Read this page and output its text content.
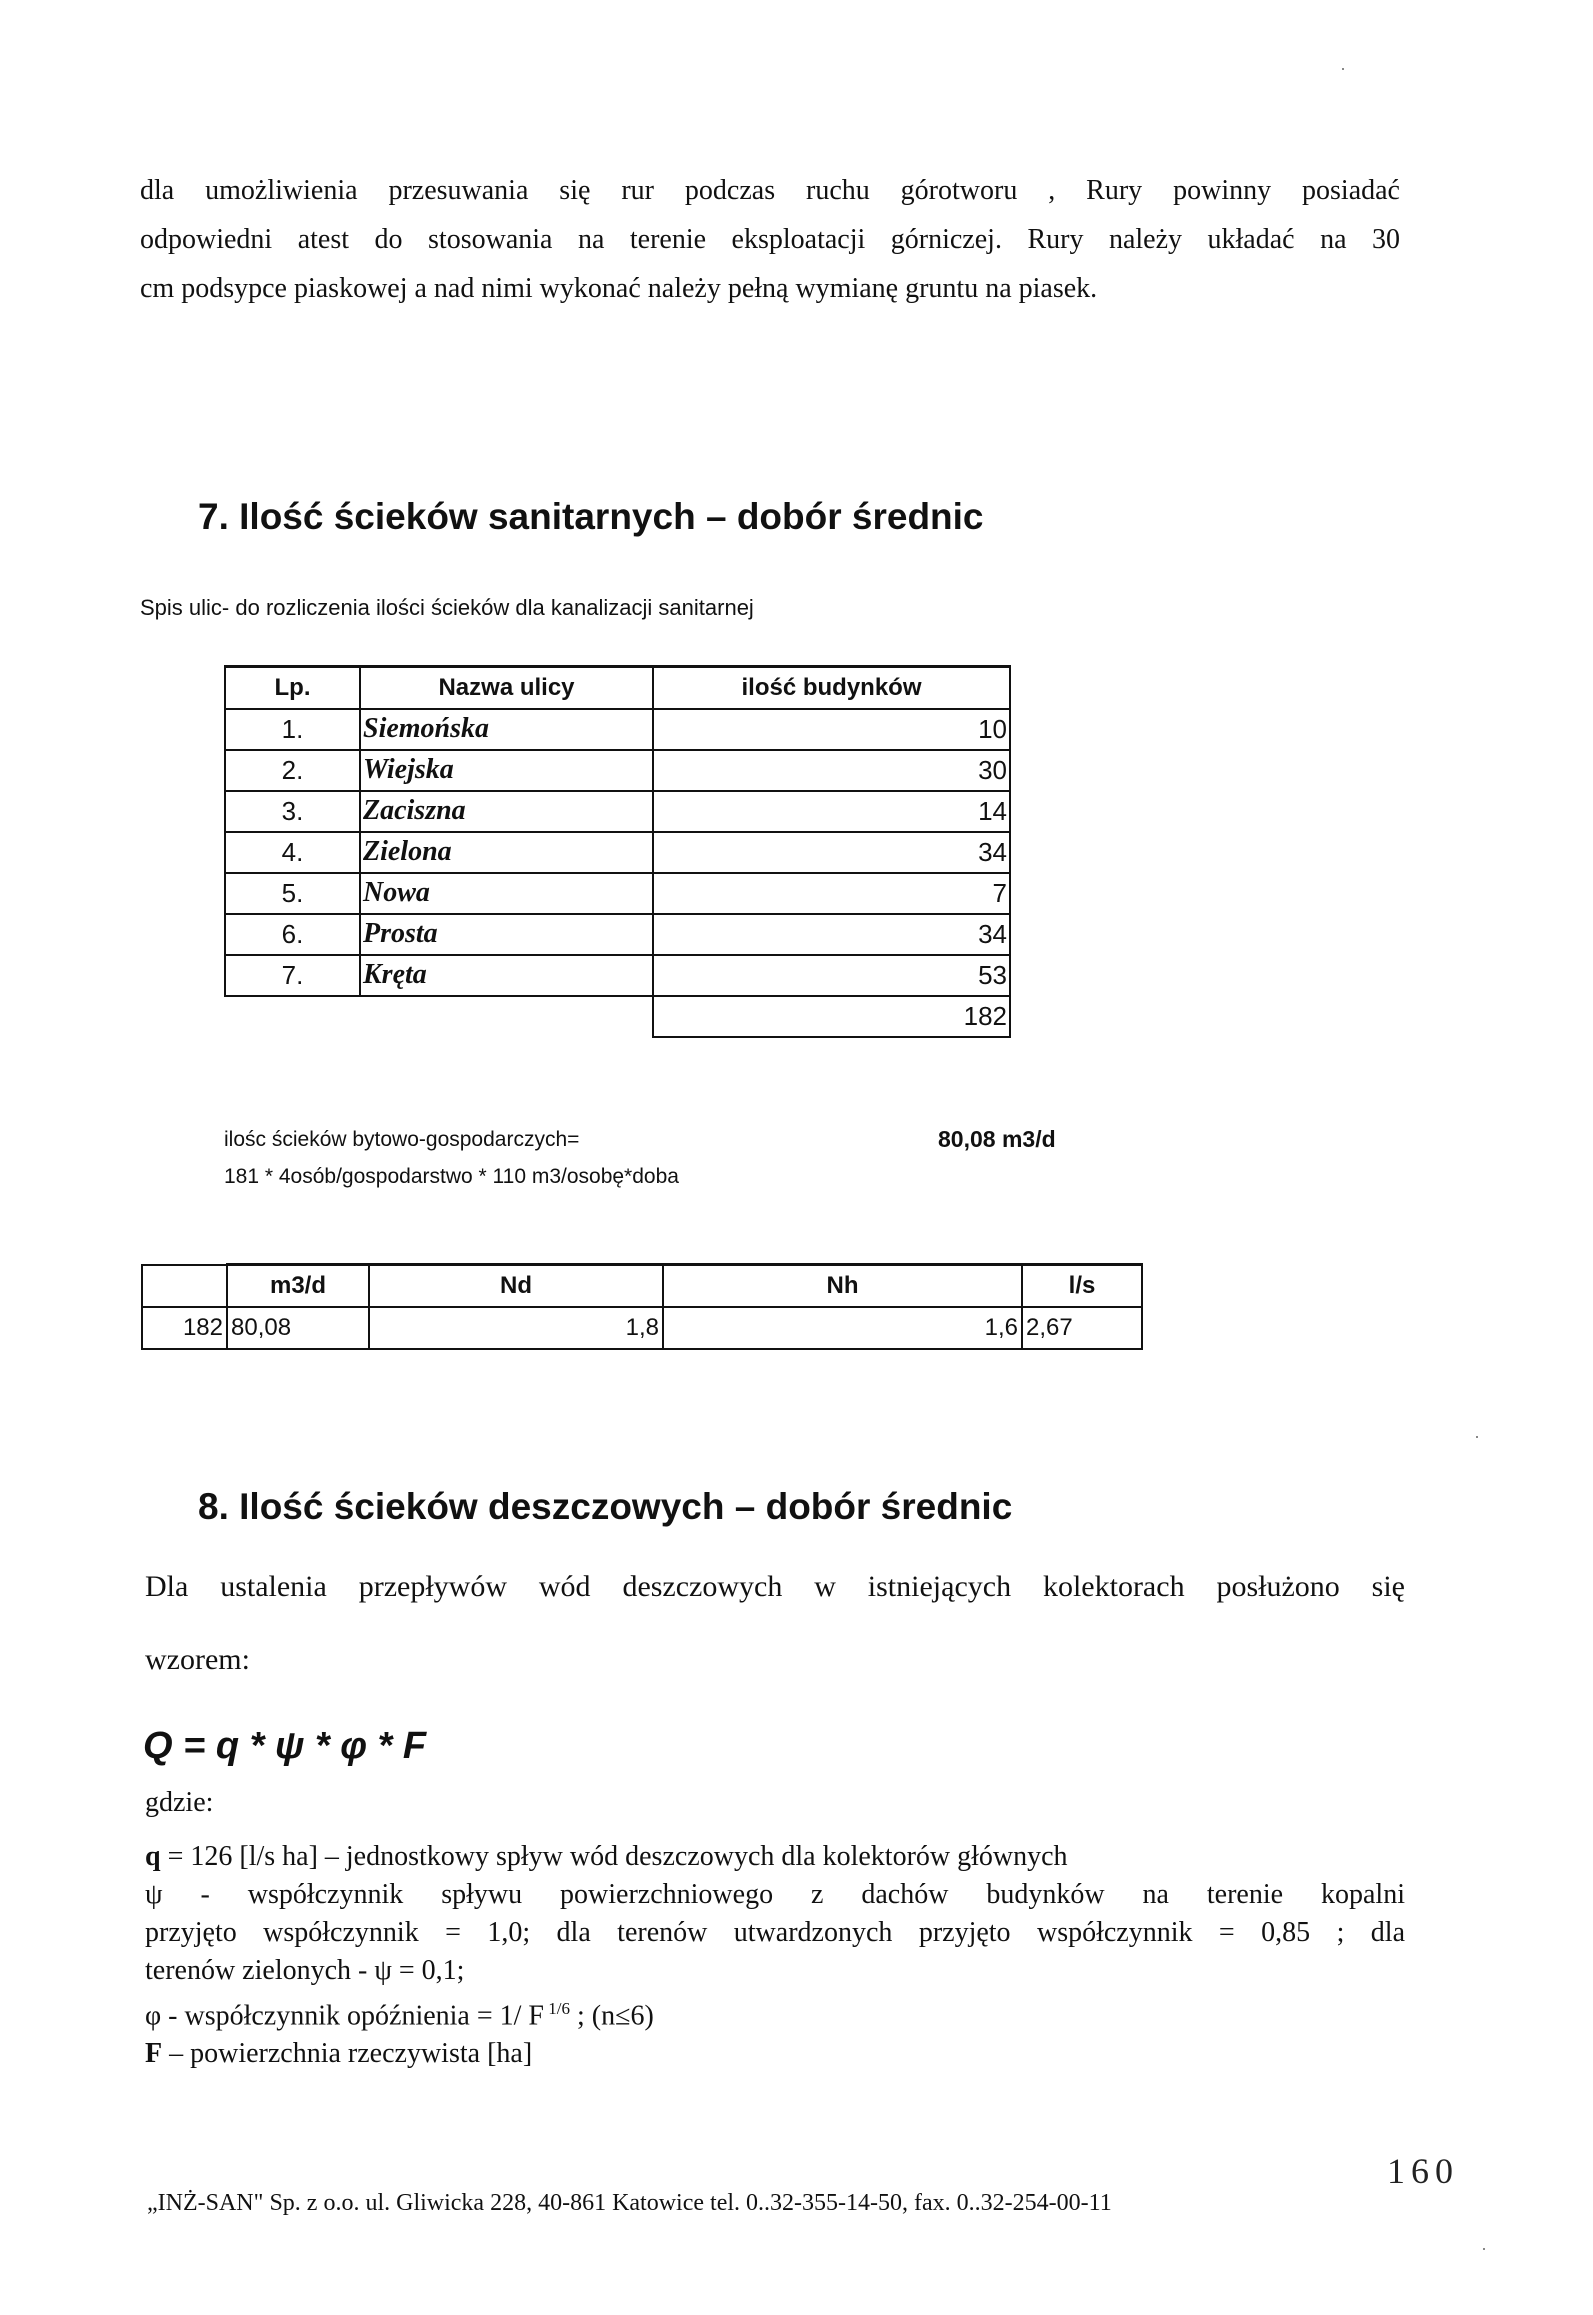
dla umożliwienia przesuwania się rur podczas ruchu górotworu , Rury powinny posiadać
odpowiedni atest do stosowania na terenie eksploatacji górniczej. Rury należy układać na 30
cm podsypce piaskowej a nad nimi wykonać należy pełną wymianę gruntu na piasek.
7. Ilość ścieków sanitarnych – dobór średnic
Spis ulic- do rozliczenia ilości ścieków dla kanalizacji sanitarnej
Lp.	Nazwa ulicy	ilość budynków
1.	Siemońska	10
2.	Wiejska	30
3.	Zaciszna	14
4.	Zielona	34
5.	Nowa	7
6.	Prosta	34
7.	Kręta	53
		182
ilośc ścieków bytowo-gospodarczych=	80,08 m3/d
181 * 4osób/gospodarstwo * 110 m3/osobę*doba
	m3/d	Nd	Nh	l/s
182	80,08	1,8	1,6	2,67
8. Ilość ścieków deszczowych – dobór średnic
Dla ustalenia przepływów wód deszczowych w istniejących kolektorach posłużono się
wzorem:
Q = q * ψ * φ * F
gdzie:
q = 126 [l/s ha] – jednostkowy spływ wód deszczowych dla kolektorów głównych
ψ - współczynnik spływu powierzchniowego z dachów budynków na terenie kopalni
przyjęto współczynnik = 1,0; dla terenów utwardzonych przyjęto współczynnik = 0,85 ; dla
terenów zielonych - ψ = 0,1;
φ - współczynnik opóźnienia = 1/ F $^{1/6}$ ; (n≤6)
F – powierzchnia rzeczywista [ha]
160
„INŻ-SAN" Sp. z o.o. ul. Gliwicka 228, 40-861 Katowice tel. 0..32-355-14-50, fax. 0..32-254-00-11
